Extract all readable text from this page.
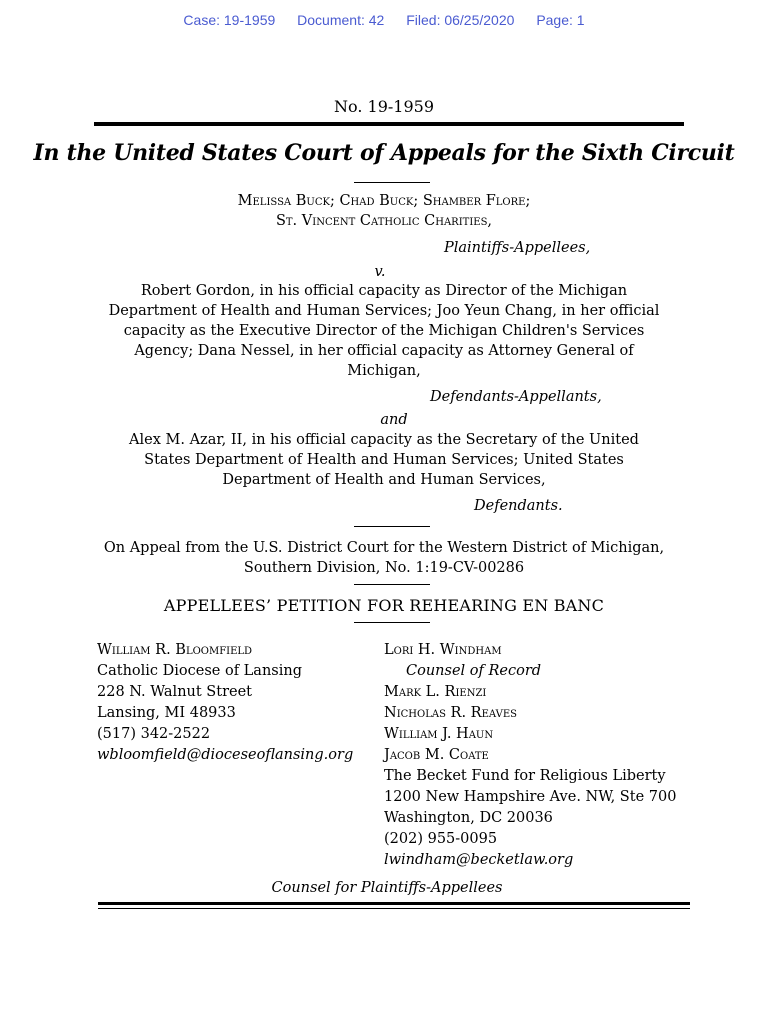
Case: 19-1959 Document: 42 Filed: 06/25/2020 Page: 1
No. 19-1959
In the United States Court of Appeals for the Sixth Circuit
Melissa Buck; Chad Buck; Shamber Flore;
St. Vincent Catholic Charities,
Plaintiffs-Appellees,
v.
Robert Gordon, in his official capacity as Director of the Michigan
Department of Health and Human Services; Joo Yeun Chang, in her official
capacity as the Executive Director of the Michigan Children's Services
Agency; Dana Nessel, in her official capacity as Attorney General of
Michigan,
Defendants-Appellants,
and
Alex M. Azar, II, in his official capacity as the Secretary of the United
States Department of Health and Human Services; United States
Department of Health and Human Services,
Defendants.
On Appeal from the U.S. District Court for the Western District of Michigan,
Southern Division, No. 1:19-CV-00286
APPELLEES’ PETITION FOR REHEARING EN BANC
William R. Bloomfield
Catholic Diocese of Lansing
228 N. Walnut Street
Lansing, MI 48933
(517) 342-2522
wbloomfield@dioceseoflansing.org
Lori H. Windham
Counsel of Record
Mark L. Rienzi
Nicholas R. Reaves
William J. Haun
Jacob M. Coate
The Becket Fund for Religious Liberty
1200 New Hampshire Ave. NW, Ste 700
Washington, DC 20036
(202) 955-0095
lwindham@becketlaw.org
Counsel for Plaintiffs-Appellees
